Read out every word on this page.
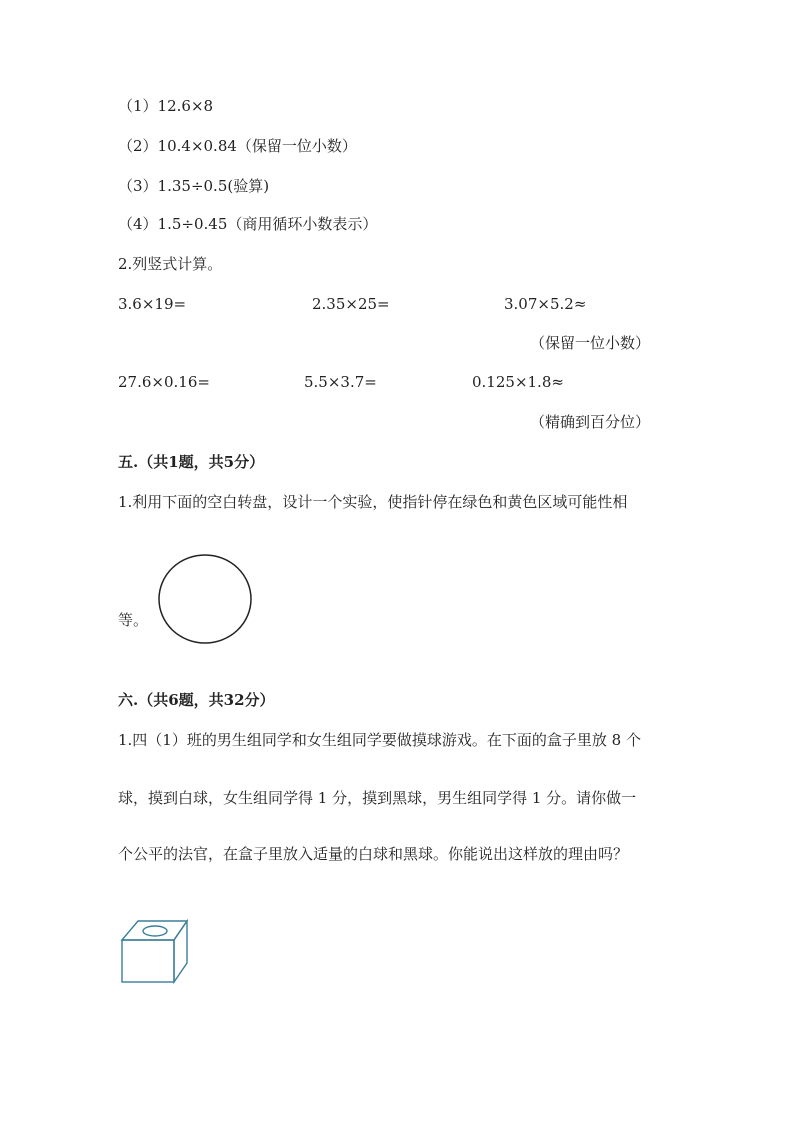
（1）12.6×8
（2）10.4×0.84（保留一位小数）
（3）1.35÷0.5(验算)
（4）1.5÷0.45（商用循环小数表示）
2.列竖式计算。
3.6×19=	2.35×25=	3.07×5.2≈
（保留一位小数）
27.6×0.16=	5.5×3.7=	0.125×1.8≈
（精确到百分位）
五.（共1题，共5分）
1.利用下面的空白转盘，设计一个实验，使指针停在绿色和黄色区域可能性相
等。
六.（共6题，共32分）
1.四（1）班的男生组同学和女生组同学要做摸球游戏。在下面的盒子里放 8 个
球，摸到白球，女生组同学得 1 分，摸到黑球，男生组同学得 1 分。请你做一
个公平的法官，在盒子里放入适量的白球和黑球。你能说出这样放的理由吗？
